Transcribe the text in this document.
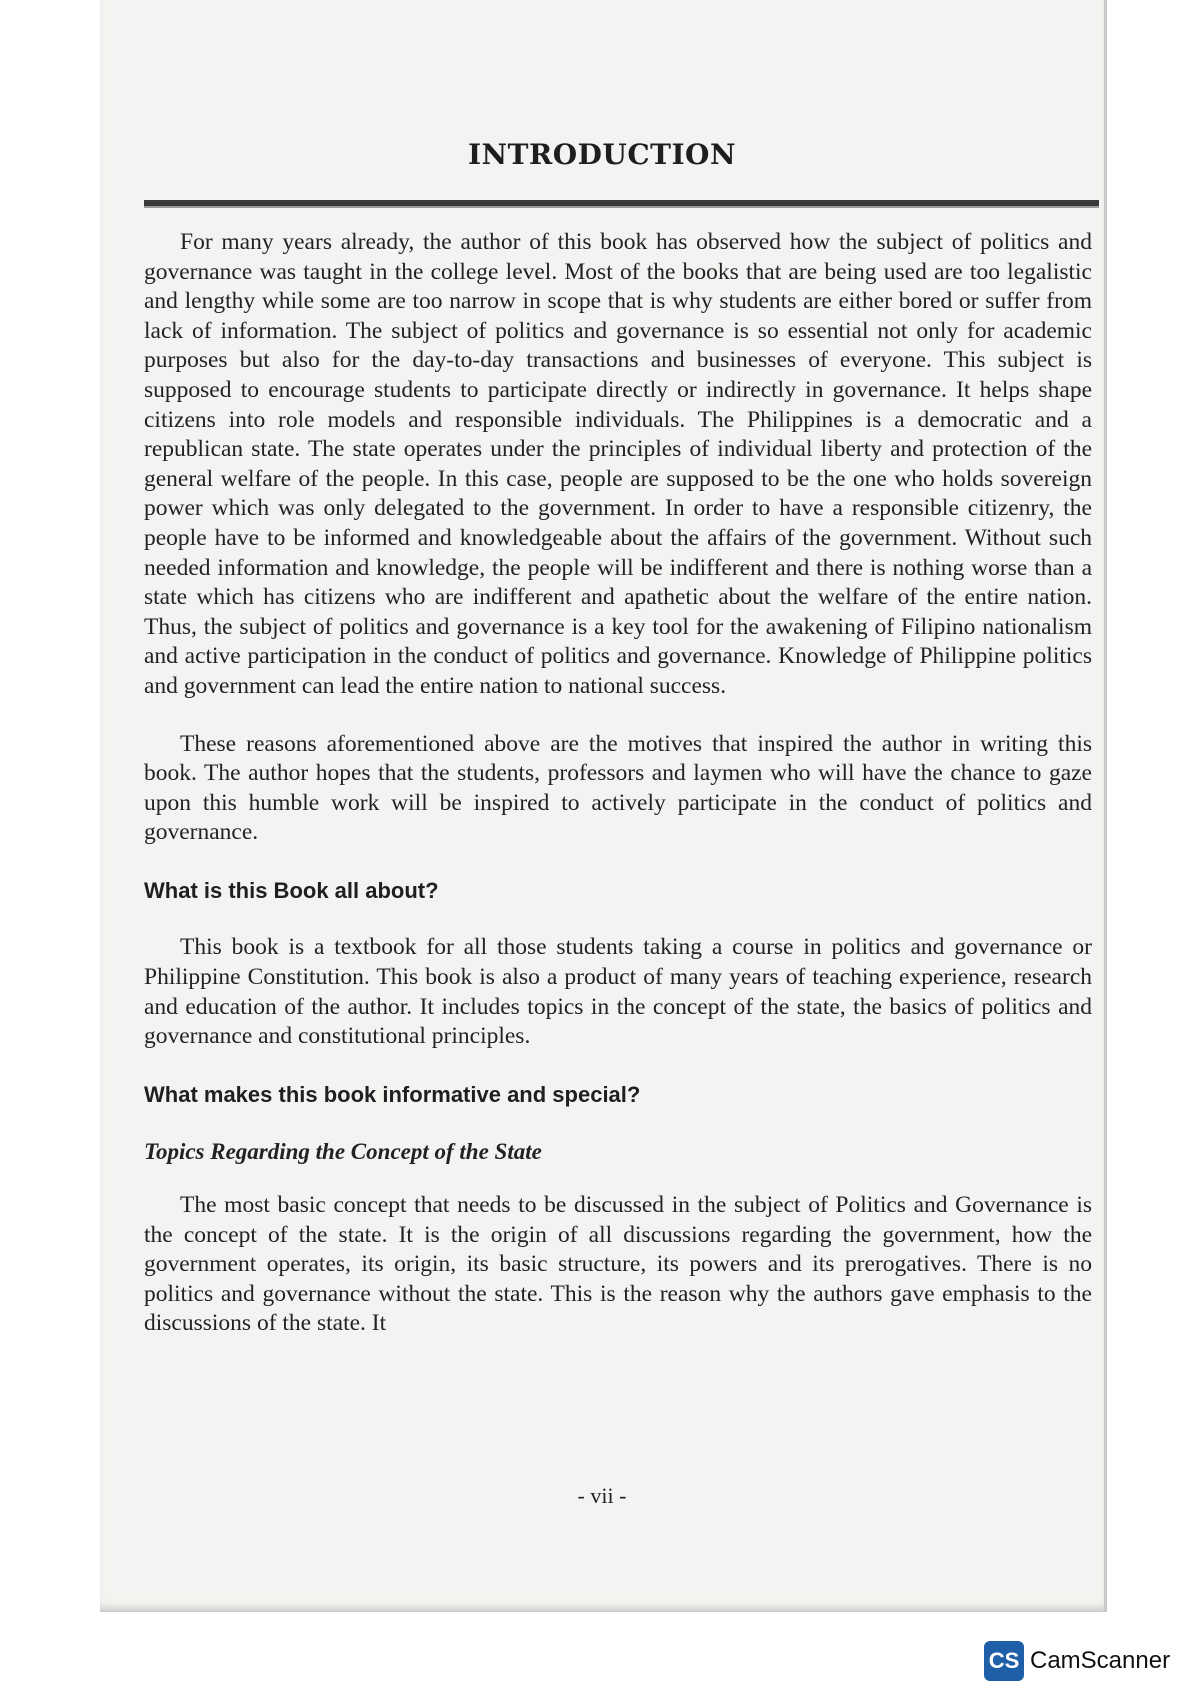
INTRODUCTION

For many years already, the author of this book has observed how the subject of politics and governance was taught in the college level. Most of the books that are being used are too legalistic and lengthy while some are too narrow in scope that is why students are either bored or suffer from lack of information. The subject of politics and governance is so essential not only for academic purposes but also for the day-to-day transactions and businesses of everyone. This subject is supposed to encourage students to participate directly or indirectly in governance. It helps shape citizens into role models and responsible individuals. The Philippines is a democratic and a republican state. The state operates under the principles of individual liberty and protection of the general welfare of the people. In this case, people are supposed to be the one who holds sovereign power which was only delegated to the government. In order to have a responsible citizenry, the people have to be informed and knowledgeable about the affairs of the government. Without such needed information and knowledge, the people will be indifferent and there is nothing worse than a state which has citizens who are indifferent and apathetic about the welfare of the entire nation. Thus, the subject of politics and governance is a key tool for the awakening of Filipino nationalism and active participation in the conduct of politics and governance. Knowledge of Philippine politics and government can lead the entire nation to national success.

These reasons aforementioned above are the motives that inspired the author in writing this book. The author hopes that the students, professors and laymen who will have the chance to gaze upon this humble work will be inspired to actively participate in the conduct of politics and governance.

What is this Book all about?

This book is a textbook for all those students taking a course in politics and governance or Philippine Constitution. This book is also a product of many years of teaching experience, research and education of the author. It includes topics in the concept of the state, the basics of politics and governance and constitutional principles.

What makes this book informative and special?
Topics Regarding the Concept of the State

The most basic concept that needs to be discussed in the subject of Politics and Governance is the concept of the state. It is the origin of all discussions regarding the government, how the government operates, its origin, its basic structure, its powers and its prerogatives. There is no politics and governance without the state. This is the reason why the authors gave emphasis to the discussions of the state. It

- vii -
CS CamScanner
